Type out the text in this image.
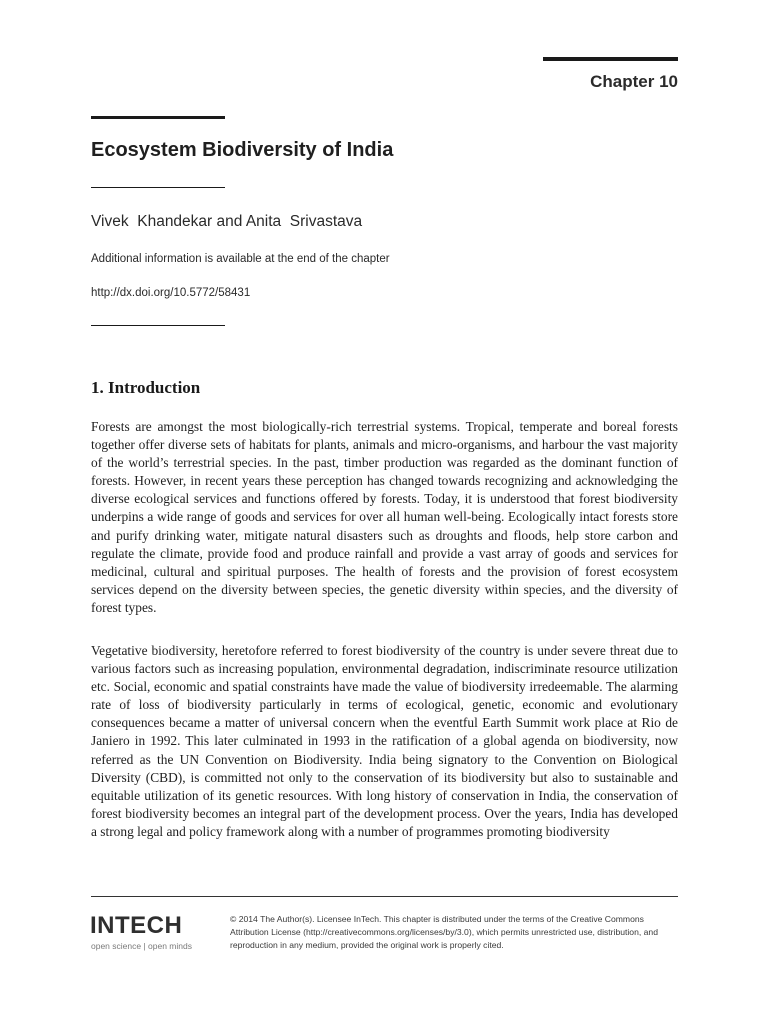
Chapter 10
Ecosystem Biodiversity of India
Vivek  Khandekar and Anita  Srivastava
Additional information is available at the end of the chapter
http://dx.doi.org/10.5772/58431
1. Introduction

Forests are amongst the most biologically-rich terrestrial systems. Tropical, temperate and boreal forests together offer diverse sets of habitats for plants, animals and micro-organisms, and harbour the vast majority of the world’s terrestrial species. In the past, timber production was regarded as the dominant function of forests. However, in recent years these perception has changed towards recognizing and acknowledging the diverse ecological services and functions offered by forests. Today, it is understood that forest biodiversity underpins a wide range of goods and services for over all human well-being. Ecologically intact forests store and purify drinking water, mitigate natural disasters such as droughts and floods, help store carbon and regulate the climate, provide food and produce rainfall and provide a vast array of goods and services for medicinal, cultural and spiritual purposes. The health of forests and the provision of forest ecosystem services depend on the diversity between species, the genetic diversity within species, and the diversity of forest types.

Vegetative biodiversity, heretofore referred to forest biodiversity of the country is under severe threat due to various factors such as increasing population, environmental degradation, indiscriminate resource utilization etc. Social, economic and spatial constraints have made the value of biodiversity irredeemable. The alarming rate of loss of biodiversity particularly in terms of ecological, genetic, economic and evolutionary consequences became a matter of universal concern when the eventful Earth Summit work place at Rio de Janiero in 1992. This later culminated in 1993 in the ratification of a global agenda on biodiversity, now referred as the UN Convention on Biodiversity. India being signatory to the Convention on Biological Diversity (CBD), is committed not only to the conservation of its biodiversity but also to sustainable and equitable utilization of its genetic resources. With long history of conservation in India, the conservation of forest biodiversity becomes an integral part of the development process. Over the years, India has developed a strong legal and policy framework along with a number of programmes promoting biodiversity

INTECH
open science | open minds

© 2014 The Author(s). Licensee InTech. This chapter is distributed under the terms of the Creative Commons Attribution License (http://creativecommons.org/licenses/by/3.0), which permits unrestricted use, distribution, and reproduction in any medium, provided the original work is properly cited.
